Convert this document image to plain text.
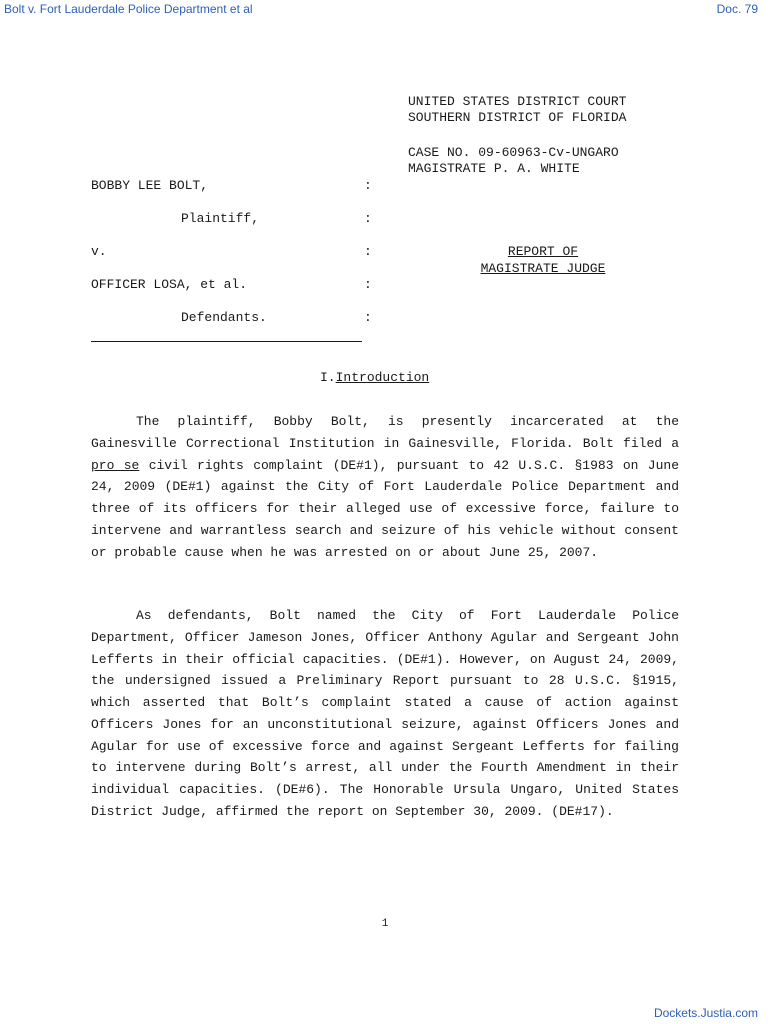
Bolt v. Fort Lauderdale Police Department et al	Doc. 79
UNITED STATES DISTRICT COURT
SOUTHERN DISTRICT OF FLORIDA
CASE NO. 09-60963-Cv-UNGARO
MAGISTRATE P. A. WHITE
BOBBY LEE BOLT,
Plaintiff,
v.
OFFICER LOSA, et al.
Defendants.
:
:
:
:
:
REPORT OF
MAGISTRATE JUDGE
I.Introduction

The plaintiff, Bobby Bolt, is presently incarcerated at the Gainesville Correctional Institution in Gainesville, Florida. Bolt filed a pro se civil rights complaint (DE#1), pursuant to 42 U.S.C. §1983 on June 24, 2009 (DE#1) against the City of Fort Lauderdale Police Department and three of its officers for their alleged use of excessive force, failure to intervene and warrantless search and seizure of his vehicle without consent or probable cause when he was arrested on or about June 25, 2007.

As defendants, Bolt named the City of Fort Lauderdale Police Department, Officer Jameson Jones, Officer Anthony Agular and Sergeant John Lefferts in their official capacities. (DE#1). However, on August 24, 2009, the undersigned issued a Preliminary Report pursuant to 28 U.S.C. §1915, which asserted that Bolt’s complaint stated a cause of action against Officers Jones for an unconstitutional seizure, against Officers Jones and Agular for use of excessive force and against Sergeant Lefferts for failing to intervene during Bolt’s arrest, all under the Fourth Amendment in their individual capacities. (DE#6). The Honorable Ursula Ungaro, United States District Judge, affirmed the report on September 30, 2009. (DE#17).

1
Dockets.Justia.com
